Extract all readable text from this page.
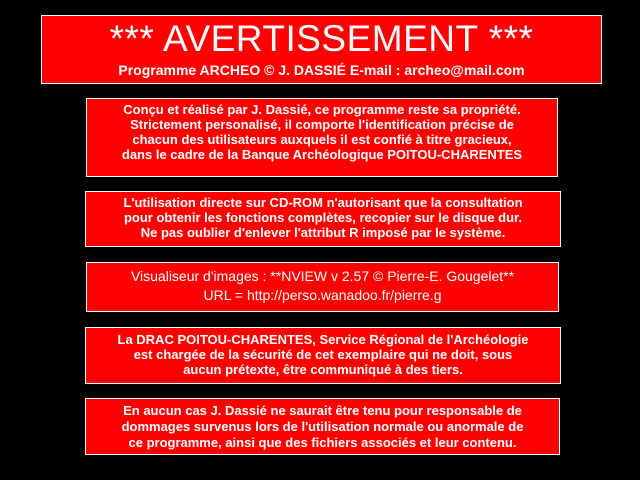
*** AVERTISSEMENT ***
Programme ARCHEO © J. DASSIÉ E-mail : archeo@mail.com
Conçu et réalisé par J. Dassié, ce programme reste sa propriété.
Strictement personalisé, il comporte l'identification précise de
chacun des utilisateurs auxquels il est confié à titre gracieux,
dans le cadre de la Banque Archéologique POITOU-CHARENTES
L'utilisation directe sur CD-ROM n'autorisant que la consultation
pour obtenir les fonctions complètes, recopier sur le disque dur.
Ne pas oublier d'enlever l'attribut R imposé par le système.
Visualiseur d'images : **NVIEW v 2.57 © Pierre-E. Gougelet**
URL = http://perso.wanadoo.fr/pierre.g
La DRAC POITOU-CHARENTES, Service Régional de l'Archéologie
est chargée de la sécurité de cet exemplaire qui ne doit, sous
aucun prétexte, être communiqué à des tiers.
En aucun cas J. Dassié ne saurait être tenu pour responsable de
dommages survenus lors de l'utilisation normale ou anormale de
ce programme, ainsi que des fichiers associés et leur contenu.
